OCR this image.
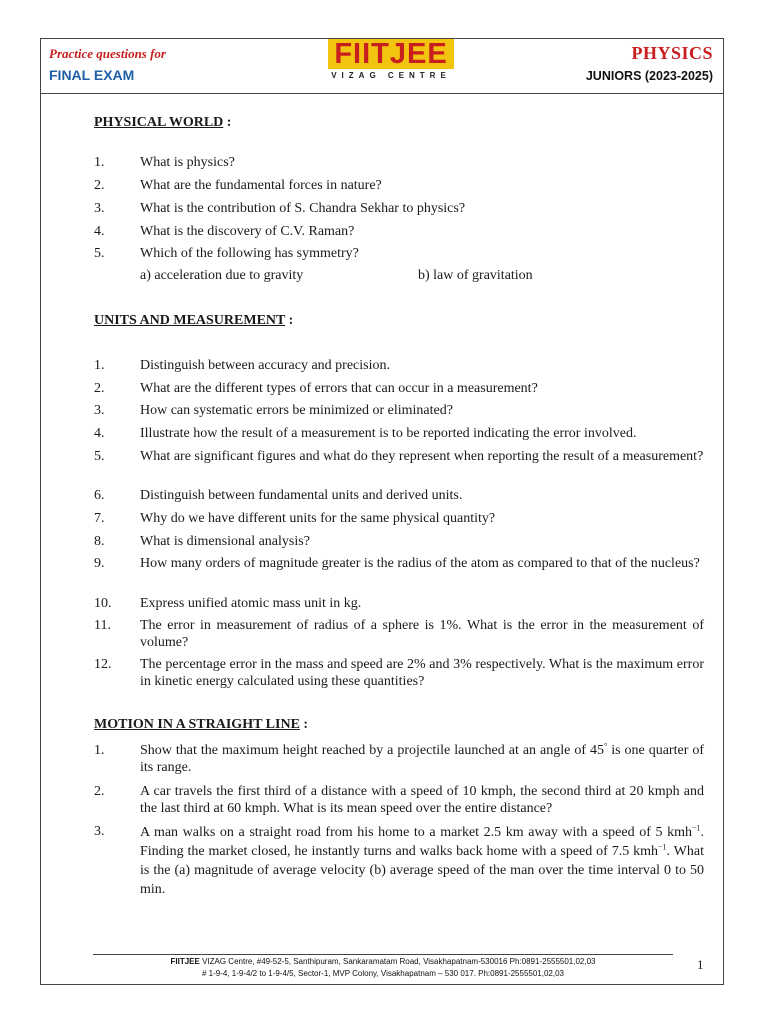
Practice questions for
FINAL EXAM
FIITJEE
VIZAG CENTRE
PHYSICS
JUNIORS (2023-2025)
PHYSICAL WORLD :
1.	What is physics?
2.	What are the fundamental forces in nature?
3.	What is the contribution of S. Chandra Sekhar to physics?
4.	What is the discovery of C.V. Raman?
5.	Which of the following has symmetry?
a) acceleration due to gravity	b) law of gravitation
UNITS AND MEASUREMENT :
1.	Distinguish between accuracy and precision.
2.	What are the different types of errors that can occur in a measurement?
3.	How can systematic errors be minimized or eliminated?
4.	Illustrate how the result of a measurement is to be reported indicating the error involved.
5.	What are significant figures and what do they represent when reporting the result of a measurement?
6.	Distinguish between fundamental units and derived units.
7.	Why do we have different units for the same physical quantity?
8.	What is dimensional analysis?
9.	How many orders of magnitude greater is the radius of the atom as compared to that of the nucleus?
10.	Express unified atomic mass unit in kg.
11.	The error in measurement of radius of a sphere is 1%. What is the error in the measurement of volume?
12.	The percentage error in the mass and speed are 2% and 3% respectively. What is the maximum error in kinetic energy calculated using these quantities?
MOTION IN A STRAIGHT LINE :
1.	Show that the maximum height reached by a projectile launched at an angle of 45° is one quarter of its range.
2.	A car travels the first third of a distance with a speed of 10 kmph, the second third at 20 kmph and the last third at 60 kmph. What is its mean speed over the entire distance?
3.	A man walks on a straight road from his home to a market 2.5 km away with a speed of 5 kmh$^{-1}$. Finding the market closed, he instantly turns and walks back home with a speed of 7.5 kmh$^{-1}$. What is the (a) magnitude of average velocity (b) average speed of the man over the time interval 0 to 50 min.
FIITJEE VIZAG Centre, #49-52-5, Santhipuram, Sankaramatam Road, Visakhapatnam-530016 Ph:0891-2555501,02,03
# 1-9-4, 1-9-4/2 to 1-9-4/5, Sector-1, MVP Colony, Visakhapatnam – 530 017. Ph:0891-2555501,02,03
1
